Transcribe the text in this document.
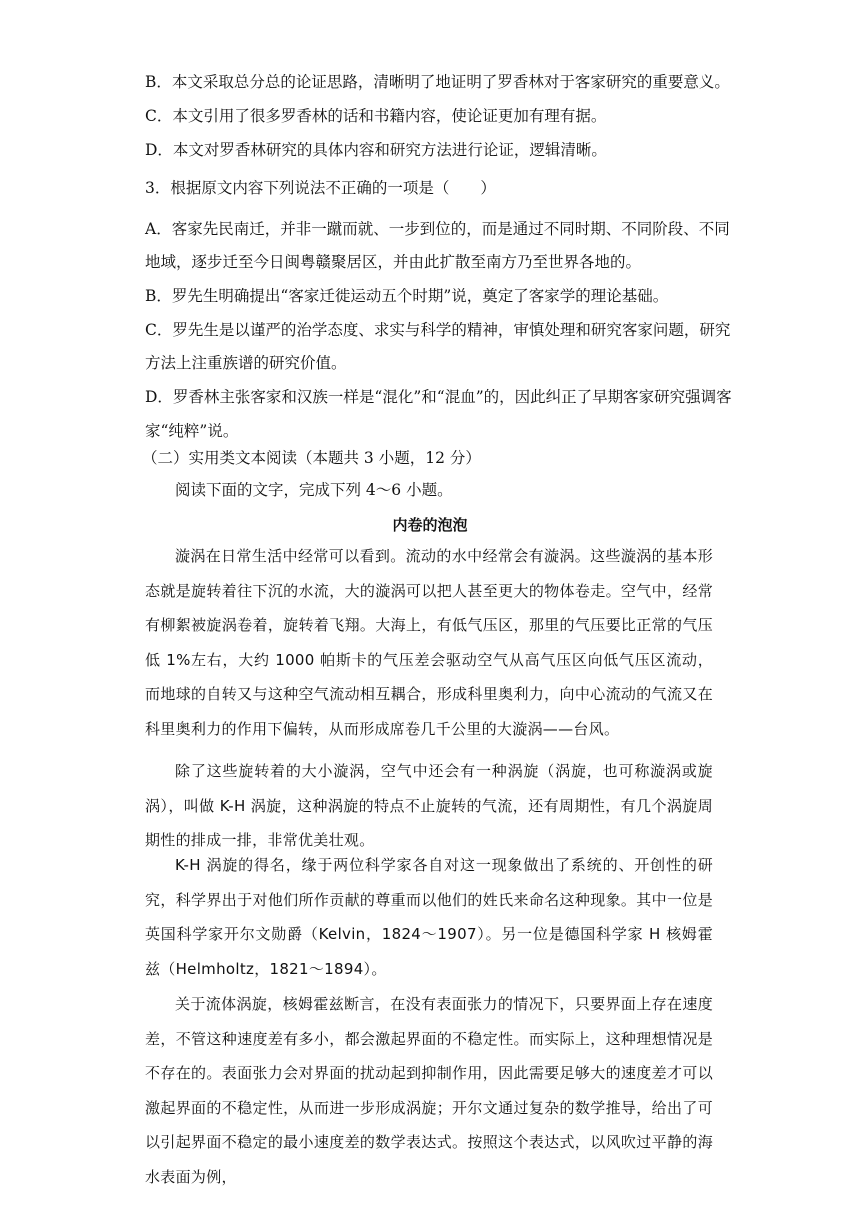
B．本文采取总分总的论证思路，清晰明了地证明了罗香林对于客家研究的重要意义。
C．本文引用了很多罗香林的话和书籍内容，使论证更加有理有据。
D．本文对罗香林研究的具体内容和研究方法进行论证，逻辑清晰。
3．根据原文内容下列说法不正确的一项是（　　）
A．客家先民南迁，并非一蹴而就、一步到位的，而是通过不同时期、不同阶段、不同
地域，逐步迁至今日闽粤赣聚居区，并由此扩散至南方乃至世界各地的。
B．罗先生明确提出“客家迁徙运动五个时期”说，奠定了客家学的理论基础。
C．罗先生是以谨严的治学态度、求实与科学的精神，审慎处理和研究客家问题，研究
方法上注重族谱的研究价值。
D．罗香林主张客家和汉族一样是“混化”和“混血”的，因此纠正了早期客家研究强调客
家“纯粹”说。
（二）实用类文本阅读（本题共 3 小题，12 分）
阅读下面的文字，完成下列 4～6 小题。
内卷的泡泡
漩涡在日常生活中经常可以看到。流动的水中经常会有漩涡。这些漩涡的基本形态就是旋转着往下沉的水流，大的漩涡可以把人甚至更大的物体卷走。空气中，经常有柳絮被旋涡卷着，旋转着飞翔。大海上，有低气压区，那里的气压要比正常的气压低 1%左右，大约 1000 帕斯卡的气压差会驱动空气从高气压区向低气压区流动，而地球的自转又与这种空气流动相互耦合，形成科里奥利力，向中心流动的气流又在科里奥利力的作用下偏转，从而形成席卷几千公里的大漩涡——台风。
除了这些旋转着的大小漩涡，空气中还会有一种涡旋（涡旋，也可称漩涡或旋涡），叫做 K-H 涡旋，这种涡旋的特点不止旋转的气流，还有周期性，有几个涡旋周期性的排成一排，非常优美壮观。
K-H 涡旋的得名，缘于两位科学家各自对这一现象做出了系统的、开创性的研究，科学界出于对他们所作贡献的尊重而以他们的姓氏来命名这种现象。其中一位是英国科学家开尔文勋爵（Kelvin，1824～1907）。另一位是德国科学家 H 核姆霍兹（Helmholtz，1821～1894）。
关于流体涡旋，核姆霍兹断言，在没有表面张力的情况下，只要界面上存在速度差，不管这种速度差有多小，都会激起界面的不稳定性。而实际上，这种理想情况是不存在的。表面张力会对界面的扰动起到抑制作用，因此需要足够大的速度差才可以激起界面的不稳定性，从而进一步形成涡旋；开尔文通过复杂的数学推导，给出了可以引起界面不稳定的最小速度差的数学表达式。按照这个表达式，以风吹过平静的海水表面为例，
